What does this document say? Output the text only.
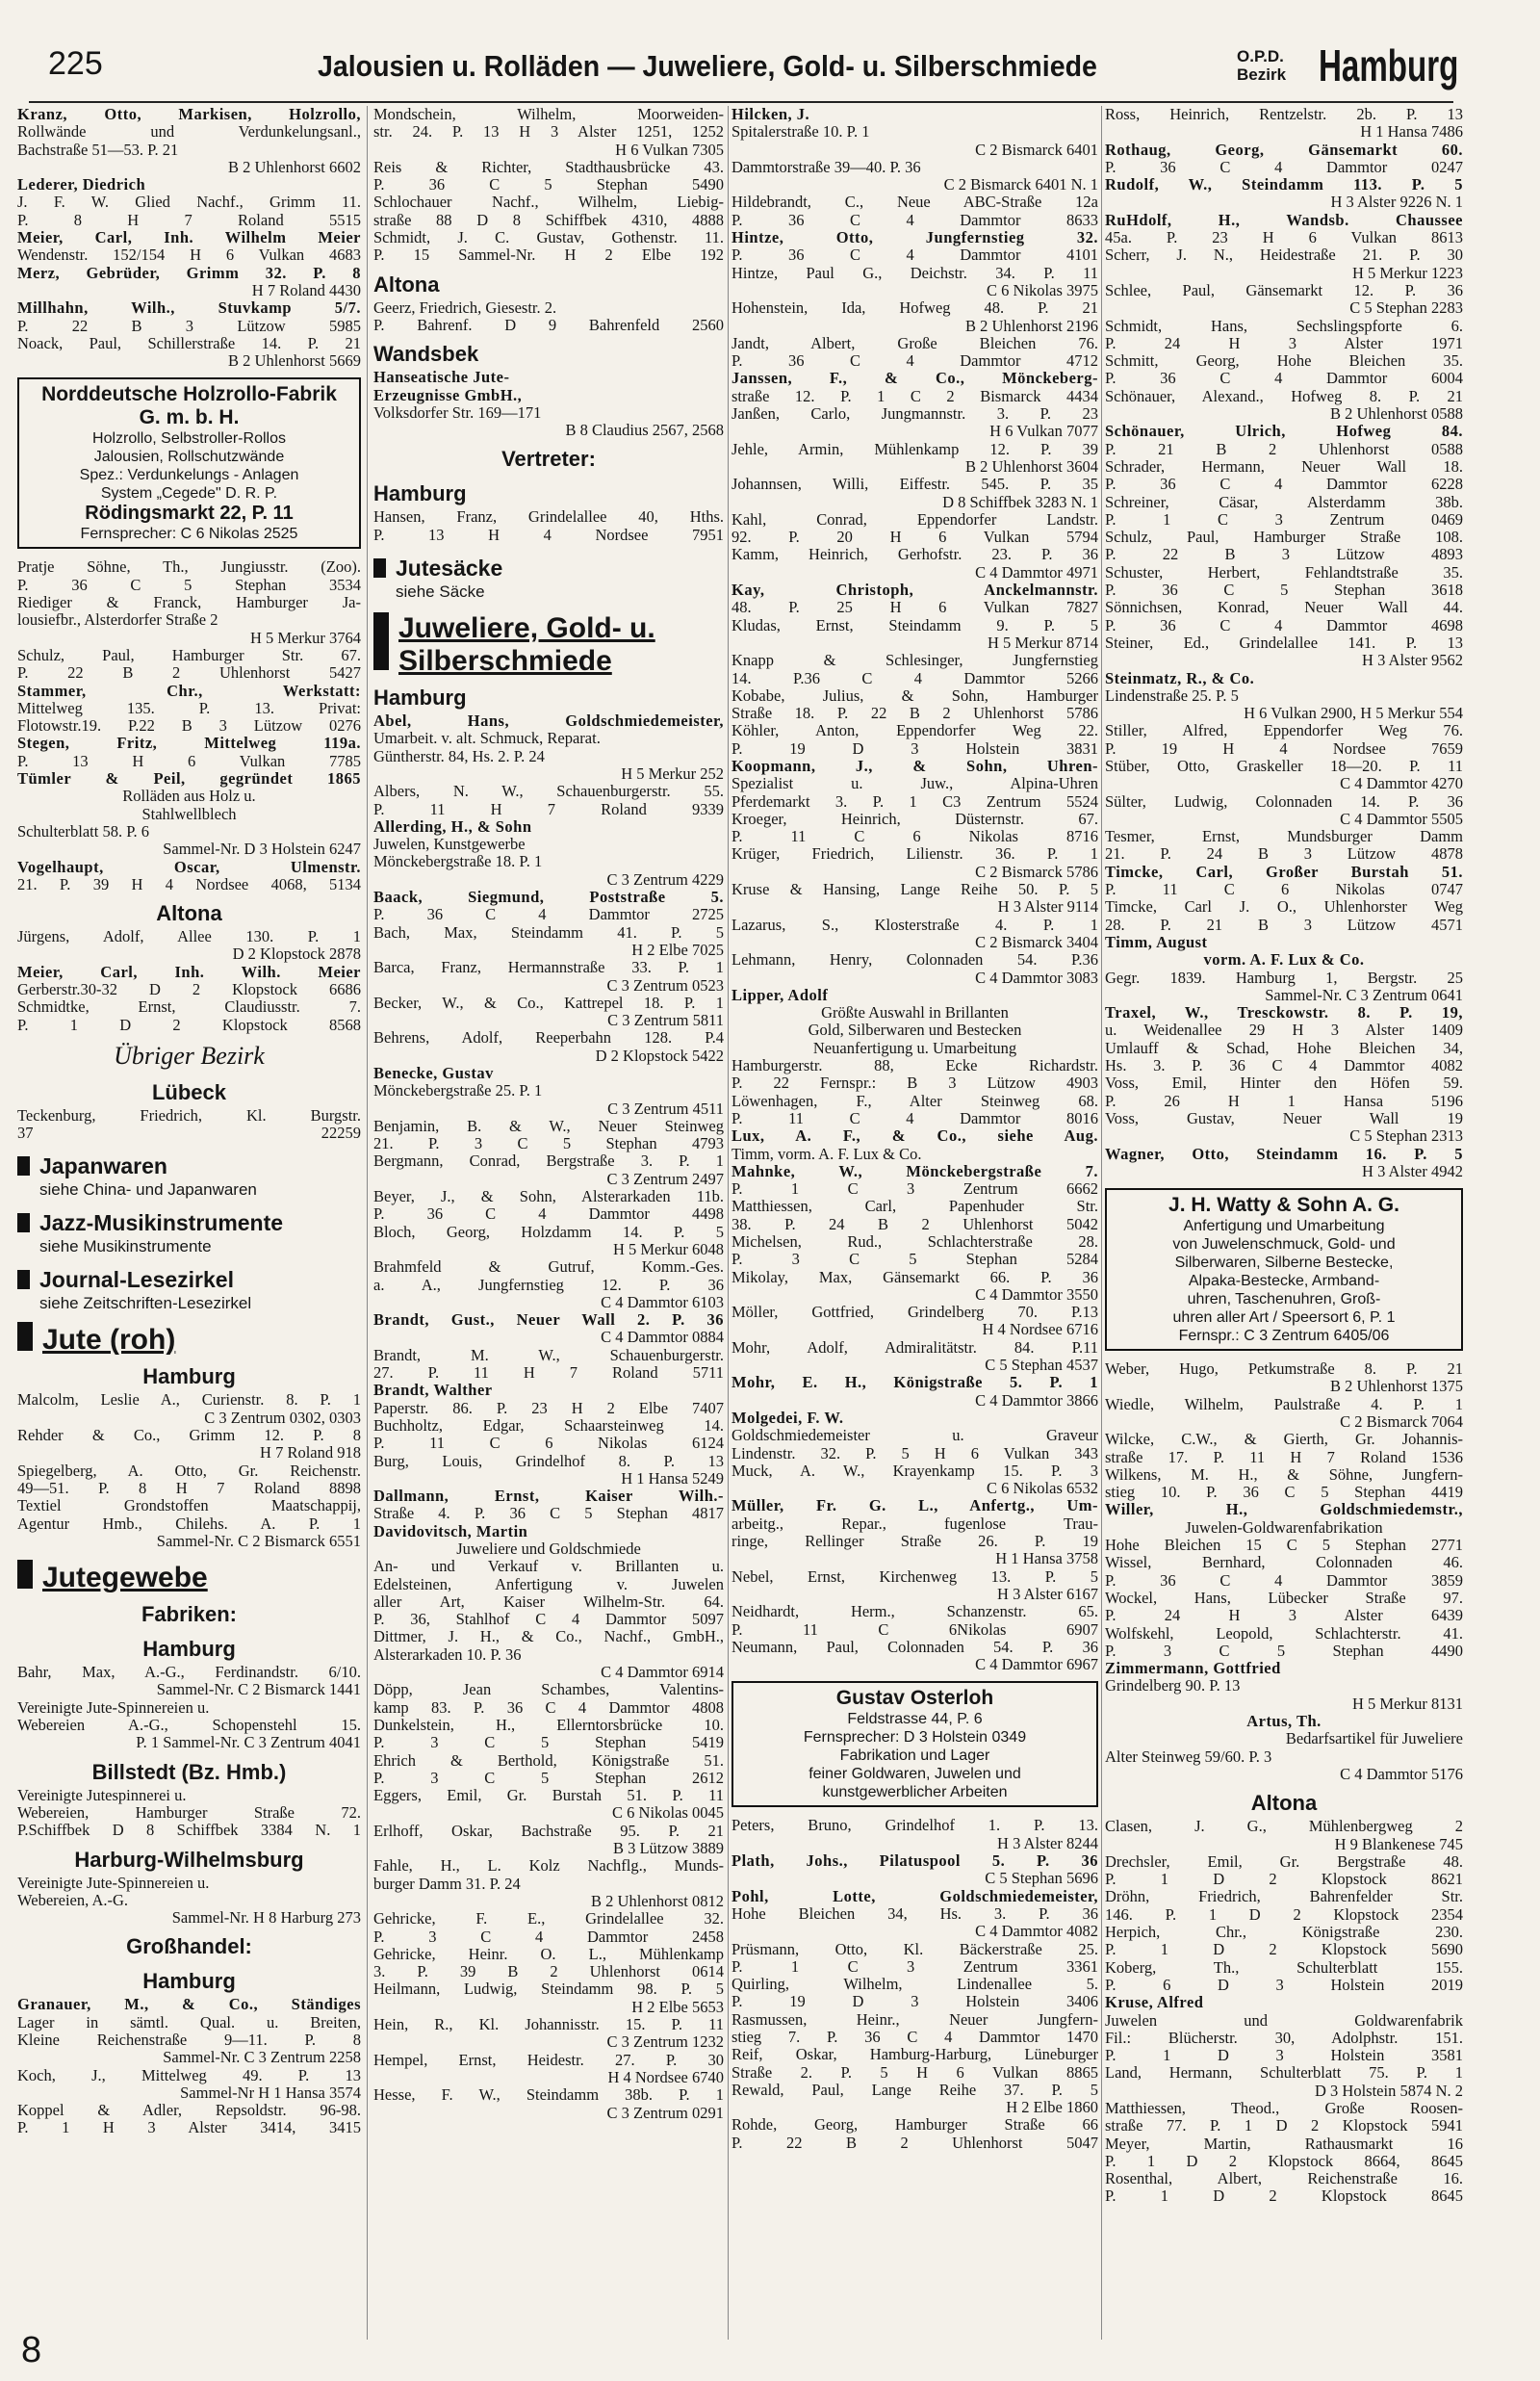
225	Jalousien u. Rolläden — Juweliere, Gold- u. Silberschmiede	O.P.D.
Bezirk Hamburg
Kranz, Otto, Markisen, Holzrollo,
Rollwände und Verdunkelungsanl.,
Bachstraße 51—53. P. 21
B 2 Uhlenhorst 6602
Lederer, Diedrich
J. F. W. Glied Nachf., Grimm 11.
P. 8 H 7 Roland 5515
Meier, Carl, Inh. Wilhelm Meier
Wendenstr. 152/154 H 6 Vulkan 4683
Merz, Gebrüder, Grimm 32. P. 8
H 7 Roland 4430
Millhahn, Wilh., Stuvkamp 5/7.
P. 22 B 3 Lützow 5985
Noack, Paul, Schillerstraße 14. P. 21
B 2 Uhlenhorst 5669
Norddeutsche Holzrollo-Fabrik
G. m. b. H.
Holzrollo, Selbstroller-Rollos
Jalousien, Rollschutzwände
Spez.: Verdunkelungs - Anlagen
System „Cegede" D. R. P.
Rödingsmarkt 22, P. 11
Fernsprecher: C 6 Nikolas 2525
Pratje Söhne, Th., Jungiusstr. (Zoo).
P. 36 C 5 Stephan 3534
Riediger & Franck, Hamburger Ja-
lousiefbr., Alsterdorfer Straße 2
H 5 Merkur 3764
Schulz, Paul, Hamburger Str. 67.
P. 22 B 2 Uhlenhorst 5427
Stammer, Chr., Werkstatt:
Mittelweg 135. P. 13. Privat:
Flotowstr.19. P.22 B 3 Lützow 0276
Stegen, Fritz, Mittelweg 119a.
P. 13 H 6 Vulkan 7785
Tümler & Peil, gegründet 1865
Rolläden aus Holz u.
Stahlwellblech
Schulterblatt 58. P. 6
Sammel-Nr. D 3 Holstein 6247
Vogelhaupt, Oscar, Ulmenstr.
21. P. 39 H 4 Nordsee 4068, 5134
Altona
Jürgens, Adolf, Allee 130. P. 1
D 2 Klopstock 2878
Meier, Carl, Inh. Wilh. Meier
Gerberstr.30-32 D 2 Klopstock 6686
Schmidtke, Ernst, Claudiusstr. 7.
P. 1 D 2 Klopstock 8568
Übriger Bezirk
Lübeck
Teckenburg, Friedrich, Kl. Burgstr.
37 22259
Japanwaren
siehe China- und Japanwaren
Jazz-Musikinstrumente
siehe Musikinstrumente
Journal-Lesezirkel
siehe Zeitschriften-Lesezirkel
Jute (roh)
Hamburg
Malcolm, Leslie A., Curienstr. 8. P. 1
C 3 Zentrum 0302, 0303
Rehder & Co., Grimm 12. P. 8
H 7 Roland 918
Spiegelberg, A. Otto, Gr. Reichenstr.
49—51. P. 8 H 7 Roland 8898
Textiel Grondstoffen Maatschappij,
Agentur Hmb., Chilehs. A. P. 1
Sammel-Nr. C 2 Bismarck 6551
Jutegewebe
Fabriken:
Hamburg
Bahr, Max, A.-G., Ferdinandstr. 6/10.
Sammel-Nr. C 2 Bismarck 1441
Vereinigte Jute-Spinnereien u.
Webereien A.-G., Schopenstehl 15.
P. 1 Sammel-Nr. C 3 Zentrum 4041
Billstedt (Bz. Hmb.)
Vereinigte Jutespinnerei u.
Webereien, Hamburger Straße 72.
P.Schiffbek D 8 Schiffbek 3384 N. 1
Harburg-Wilhelmsburg
Vereinigte Jute-Spinnereien u.
Webereien, A.-G.
Sammel-Nr. H 8 Harburg 273
Großhandel:
Hamburg
Granauer, M., & Co., Ständiges
Lager in sämtl. Qual. u. Breiten,
Kleine Reichenstraße 9—11. P. 8
Sammel-Nr. C 3 Zentrum 2258
Koch, J., Mittelweg 49. P. 13
Sammel-Nr H 1 Hansa 3574
Koppel & Adler, Repsoldstr. 96-98.
P. 1 H 3 Alster 3414, 3415
Mondschein, Wilhelm, Moorweiden-
str. 24. P. 13 H 3 Alster 1251, 1252
H 6 Vulkan 7305
Reis & Richter, Stadthausbrücke 43.
P. 36 C 5 Stephan 5490
Schlochauer Nachf., Wilhelm, Liebig-
straße 88 D 8 Schiffbek 4310, 4888
Schmidt, J. C. Gustav, Gothenstr. 11.
P. 15 Sammel-Nr. H 2 Elbe 192
Altona
Geerz, Friedrich, Giesestr. 2.
P. Bahrenf. D 9 Bahrenfeld 2560
Wandsbek
Hanseatische Jute-
Erzeugnisse GmbH.,
Volksdorfer Str. 169—171
B 8 Claudius 2567, 2568
Vertreter:
Hamburg
Hansen, Franz, Grindelallee 40, Hths.
P. 13 H 4 Nordsee 7951
Jutesäcke
siehe Säcke
Juweliere, Gold- u. Silberschmiede
Hamburg
Abel, Hans, Goldschmiedemeister,
Umarbeit. v. alt. Schmuck, Reparat.
Güntherstr. 84, Hs. 2. P. 24
H 5 Merkur 252
Albers, N. W., Schauenburgerstr. 55.
P. 11 H 7 Roland 9339
Allerding, H., & Sohn
Juwelen, Kunstgewerbe
Mönckebergstraße 18. P. 1
C 3 Zentrum 4229
Baack, Siegmund, Poststraße 5.
P. 36 C 4 Dammtor 2725
Bach, Max, Steindamm 41. P. 5
H 2 Elbe 7025
Barca, Franz, Hermannstraße 33. P. 1
C 3 Zentrum 0523
Becker, W., & Co., Kattrepel 18. P. 1
C 3 Zentrum 5811
Behrens, Adolf, Reeperbahn 128. P.4
D 2 Klopstock 5422
Benecke, Gustav
Mönckebergstraße 25. P. 1
C 3 Zentrum 4511
Benjamin, B. & W., Neuer Steinweg
21. P. 3 C 5 Stephan 4793
Bergmann, Conrad, Bergstraße 3. P. 1
C 3 Zentrum 2497
Beyer, J., & Sohn, Alsterarkaden 11b.
P. 36 C 4 Dammtor 4498
Bloch, Georg, Holzdamm 14. P. 5
H 5 Merkur 6048
Brahmfeld & Gutruf, Komm.-Ges.
a. A., Jungfernstieg 12. P. 36
C 4 Dammtor 6103
Brandt, Gust., Neuer Wall 2. P. 36
C 4 Dammtor 0884
Brandt, M. W., Schauenburgerstr.
27. P. 11 H 7 Roland 5711
Brandt, Walther
Paperstr. 86. P. 23 H 2 Elbe 7407
Buchholtz, Edgar, Schaarsteinweg 14.
P. 11 C 6 Nikolas 6124
Burg, Louis, Grindelhof 8. P. 13
H 1 Hansa 5249
Dallmann, Ernst, Kaiser Wilh.-
Straße 4. P. 36 C 5 Stephan 4817
Davidovitsch, Martin
Juweliere und Goldschmiede
An- und Verkauf v. Brillanten u.
Edelsteinen, Anfertigung v. Juwelen
aller Art, Kaiser Wilhelm-Str. 64.
P. 36, Stahlhof C 4 Dammtor 5097
Dittmer, J. H., & Co., Nachf., GmbH.,
Alsterarkaden 10. P. 36
C 4 Dammtor 6914
Döpp, Jean Schambes, Valentins-
kamp 83. P. 36 C 4 Dammtor 4808
Dunkelstein, H., Ellerntorsbrücke 10.
P. 3 C 5 Stephan 5419
Ehrich & Berthold, Königstraße 51.
P. 3 C 5 Stephan 2612
Eggers, Emil, Gr. Burstah 51. P. 11
C 6 Nikolas 0045
Erlhoff, Oskar, Bachstraße 95. P. 21
B 3 Lützow 3889
Fahle, H., L. Kolz Nachflg., Munds-
burger Damm 31. P. 24
B 2 Uhlenhorst 0812
Gehricke, F. E., Grindelallee 32.
P. 3 C 4 Dammtor 2458
Gehricke, Heinr. O. L., Mühlenkamp
3. P. 39 B 2 Uhlenhorst 0614
Heilmann, Ludwig, Steindamm 98. P. 5
H 2 Elbe 5653
Hein, R., Kl. Johannisstr. 15. P. 11
C 3 Zentrum 1232
Hempel, Ernst, Heidestr. 27. P. 30
H 4 Nordsee 6740
Hesse, F. W., Steindamm 38b. P. 1
C 3 Zentrum 0291
Hilcken, J.
Spitalerstraße 10. P. 1
C 2 Bismarck 6401
Dammtorstraße 39—40. P. 36
C 2 Bismarck 6401 N. 1
Hildebrandt, C., Neue ABC-Straße 12a
P. 36 C 4 Dammtor 8633
Hintze, Otto, Jungfernstieg 32.
P. 36 C 4 Dammtor 4101
Hintze, Paul G., Deichstr. 34. P. 11
C 6 Nikolas 3975
Hohenstein, Ida, Hofweg 48. P. 21
B 2 Uhlenhorst 2196
Jandt, Albert, Große Bleichen 76.
P. 36 C 4 Dammtor 4712
Janssen, F., & Co., Mönckeberg-
straße 12. P. 1 C 2 Bismarck 4434
Janßen, Carlo, Jungmannstr. 3. P. 23
H 6 Vulkan 7077
Jehle, Armin, Mühlenkamp 12. P. 39
B 2 Uhlenhorst 3604
Johannsen, Willi, Eiffestr. 545. P. 35
D 8 Schiffbek 3283 N. 1
Kahl, Conrad, Eppendorfer Landstr.
92. P. 20 H 6 Vulkan 5794
Kamm, Heinrich, Gerhofstr. 23. P. 36
C 4 Dammtor 4971
Kay, Christoph, Anckelmannstr.
48. P. 25 H 6 Vulkan 7827
Kludas, Ernst, Steindamm 9. P. 5
H 5 Merkur 8714
Knapp & Schlesinger, Jungfernstieg
14. P.36 C 4 Dammtor 5266
Kobabe, Julius, & Sohn, Hamburger
Straße 18. P. 22 B 2 Uhlenhorst 5786
Köhler, Anton, Eppendorfer Weg 22.
P. 19 D 3 Holstein 3831
Koopmann, J., & Sohn, Uhren-
Spezialist u. Juw., Alpina-Uhren
Pferdemarkt 3. P. 1 C3 Zentrum 5524
Kroeger, Heinrich, Düsternstr. 67.
P. 11 C 6 Nikolas 8716
Krüger, Friedrich, Lilienstr. 36. P. 1
C 2 Bismarck 5786
Kruse & Hansing, Lange Reihe 50. P. 5
H 3 Alster 9114
Lazarus, S., Klosterstraße 4. P. 1
C 2 Bismarck 3404
Lehmann, Henry, Colonnaden 54. P.36
C 4 Dammtor 3083
Lipper, Adolf
Größte Auswahl in Brillanten
Gold, Silberwaren und Bestecken
Neuanfertigung u. Umarbeitung
Hamburgerstr. 88, Ecke Richardstr.
P. 22 Fernspr.: B 3 Lützow 4903
Löwenhagen, F., Alter Steinweg 68.
P. 11 C 4 Dammtor 8016
Lux, A. F., & Co., siehe Aug.
Timm, vorm. A. F. Lux & Co.
Mahnke, W., Mönckebergstraße 7.
P. 1 C 3 Zentrum 6662
Matthiessen, Carl, Papenhuder Str.
38. P. 24 B 2 Uhlenhorst 5042
Michelsen, Rud., Schlachterstraße 28.
P. 3 C 5 Stephan 5284
Mikolay, Max, Gänsemarkt 66. P. 36
C 4 Dammtor 3550
Möller, Gottfried, Grindelberg 70. P.13
H 4 Nordsee 6716
Mohr, Adolf, Admiralitätstr. 84. P.11
C 5 Stephan 4537
Mohr, E. H., Königstraße 5. P. 1
C 4 Dammtor 3866
Molgedei, F. W.
Goldschmiedemeister u. Graveur
Lindenstr. 32. P. 5 H 6 Vulkan 343
Muck, A. W., Krayenkamp 15. P. 3
C 6 Nikolas 6532
Müller, Fr. G. L., Anfertg., Um-
arbeitg., Repar., fugenlose Trau-
ringe, Rellinger Straße 26. P. 19
H 1 Hansa 3758
Nebel, Ernst, Kirchenweg 13. P. 5
H 3 Alster 6167
Neidhardt, Herm., Schanzenstr. 65.
P. 11 C 6Nikolas 6907
Neumann, Paul, Colonnaden 54. P. 36
C 4 Dammtor 6967
Gustav Osterloh
Feldstrasse 44, P. 6
Fernsprecher: D 3 Holstein 0349
Fabrikation und Lager
feiner Goldwaren, Juwelen und
kunstgewerblicher Arbeiten
Peters, Bruno, Grindelhof 1. P. 13.
H 3 Alster 8244
Plath, Johs., Pilatuspool 5. P. 36
C 5 Stephan 5696
Pohl, Lotte, Goldschmiedemeister,
Hohe Bleichen 34, Hs. 3. P. 36
C 4 Dammtor 4082
Prüsmann, Otto, Kl. Bäckerstraße 25.
P. 1 C 3 Zentrum 3361
Quirling, Wilhelm, Lindenallee 5.
P. 19 D 3 Holstein 3406
Rasmussen, Heinr., Neuer Jungfern-
stieg 7. P. 36 C 4 Dammtor 1470
Reif, Oskar, Hamburg-Harburg, Lüneburger
Straße 2. P. 5 H 6 Vulkan 8865
Rewald, Paul, Lange Reihe 37. P. 5
H 2 Elbe 1860
Rohde, Georg, Hamburger Straße 66
P. 22 B 2 Uhlenhorst 5047
Ross, Heinrich, Rentzelstr. 2b. P. 13
H 1 Hansa 7486
Rothaug, Georg, Gänsemarkt 60.
P. 36 C 4 Dammtor 0247
Rudolf, W., Steindamm 113. P. 5
H 3 Alster 9226 N. 1
RuHdolf, H., Wandsb. Chaussee
45a. P. 23 H 6 Vulkan 8613
Scherr, J. N., Heidestraße 21. P. 30
H 5 Merkur 1223
Schlee, Paul, Gänsemarkt 12. P. 36
C 5 Stephan 2283
Schmidt, Hans, Sechslingspforte 6.
P. 24 H 3 Alster 1971
Schmitt, Georg, Hohe Bleichen 35.
P. 36 C 4 Dammtor 6004
Schönauer, Alexand., Hofweg 8. P. 21
B 2 Uhlenhorst 0588
Schönauer, Ulrich, Hofweg 84.
P. 21 B 2 Uhlenhorst 0588
Schrader, Hermann, Neuer Wall 18.
P. 36 C 4 Dammtor 6228
Schreiner, Cäsar, Alsterdamm 38b.
P. 1 C 3 Zentrum 0469
Schulz, Paul, Hamburger Straße 108.
P. 22 B 3 Lützow 4893
Schuster, Herbert, Fehlandtstraße 35.
P. 36 C 5 Stephan 3618
Sönnichsen, Konrad, Neuer Wall 44.
P. 36 C 4 Dammtor 4698
Steiner, Ed., Grindelallee 141. P. 13
H 3 Alster 9562
Steinmatz, R., & Co.
Lindenstraße 25. P. 5
H 6 Vulkan 2900, H 5 Merkur 554
Stiller, Alfred, Eppendorfer Weg 76.
P. 19 H 4 Nordsee 7659
Stüber, Otto, Graskeller 18—20. P. 11
C 4 Dammtor 4270
Sülter, Ludwig, Colonnaden 14. P. 36
C 4 Dammtor 5505
Tesmer, Ernst, Mundsburger Damm
21. P. 24 B 3 Lützow 4878
Timcke, Carl, Großer Burstah 51.
P. 11 C 6 Nikolas 0747
Timcke, Carl J. O., Uhlenhorster Weg
28. P. 21 B 3 Lützow 4571
Timm, August
vorm. A. F. Lux & Co.
Gegr. 1839. Hamburg 1, Bergstr. 25
Sammel-Nr. C 3 Zentrum 0641
Traxel, W., Tresckowstr. 8. P. 19,
u. Weidenallee 29 H 3 Alster 1409
Umlauff & Schad, Hohe Bleichen 34,
Hs. 3. P. 36 C 4 Dammtor 4082
Voss, Emil, Hinter den Höfen 59.
P. 26 H 1 Hansa 5196
Voss, Gustav, Neuer Wall 19
C 5 Stephan 2313
Wagner, Otto, Steindamm 16. P. 5
H 3 Alster 4942
J. H. Watty & Sohn A. G.
Anfertigung und Umarbeitung
von Juwelenschmuck, Gold- und
Silberwaren, Silberne Bestecke,
Alpaka-Bestecke, Armband-
uhren, Taschenuhren, Groß-
uhren aller Art / Speersort 6, P. 1
Fernspr.: C 3 Zentrum 6405/06
Weber, Hugo, Petkumstraße 8. P. 21
B 2 Uhlenhorst 1375
Wiedle, Wilhelm, Paulstraße 4. P. 1
C 2 Bismarck 7064
Wilcke, C.W., & Gierth, Gr. Johannis-
straße 17. P. 11 H 7 Roland 1536
Wilkens, M. H., & Söhne, Jungfern-
stieg 10. P. 36 C 5 Stephan 4419
Willer, H., Goldschmiedemstr.,
Juwelen-Goldwarenfabrikation
Hohe Bleichen 15 C 5 Stephan 2771
Wissel, Bernhard, Colonnaden 46.
P. 36 C 4 Dammtor 3859
Wockel, Hans, Lübecker Straße 97.
P. 24 H 3 Alster 6439
Wolfskehl, Leopold, Schlachterstr. 41.
P. 3 C 5 Stephan 4490
Zimmermann, Gottfried
Grindelberg 90. P. 13
H 5 Merkur 8131
Artus, Th.
Bedarfsartikel für Juweliere
Alter Steinweg 59/60. P. 3
C 4 Dammtor 5176
Altona
Clasen, J. G., Mühlenbergweg 2
H 9 Blankenese 745
Drechsler, Emil, Gr. Bergstraße 48.
P. 1 D 2 Klopstock 8621
Dröhn, Friedrich, Bahrenfelder Str.
146. P. 1 D 2 Klopstock 2354
Herpich, Chr., Königstraße 230.
P. 1 D 2 Klopstock 5690
Koberg, Th., Schulterblatt 155.
P. 6 D 3 Holstein 2019
Kruse, Alfred
Juwelen und Goldwarenfabrik
Fil.: Blücherstr. 30, Adolphstr. 151.
P. 1 D 3 Holstein 3581
Land, Hermann, Schulterblatt 75. P. 1
D 3 Holstein 5874 N. 2
Matthiessen, Theod., Große Roosen-
straße 77. P. 1 D 2 Klopstock 5941
Meyer, Martin, Rathausmarkt 16
P. 1 D 2 Klopstock 8664, 8645
Rosenthal, Albert, Reichenstraße 16.
P. 1 D 2 Klopstock 8645
8
